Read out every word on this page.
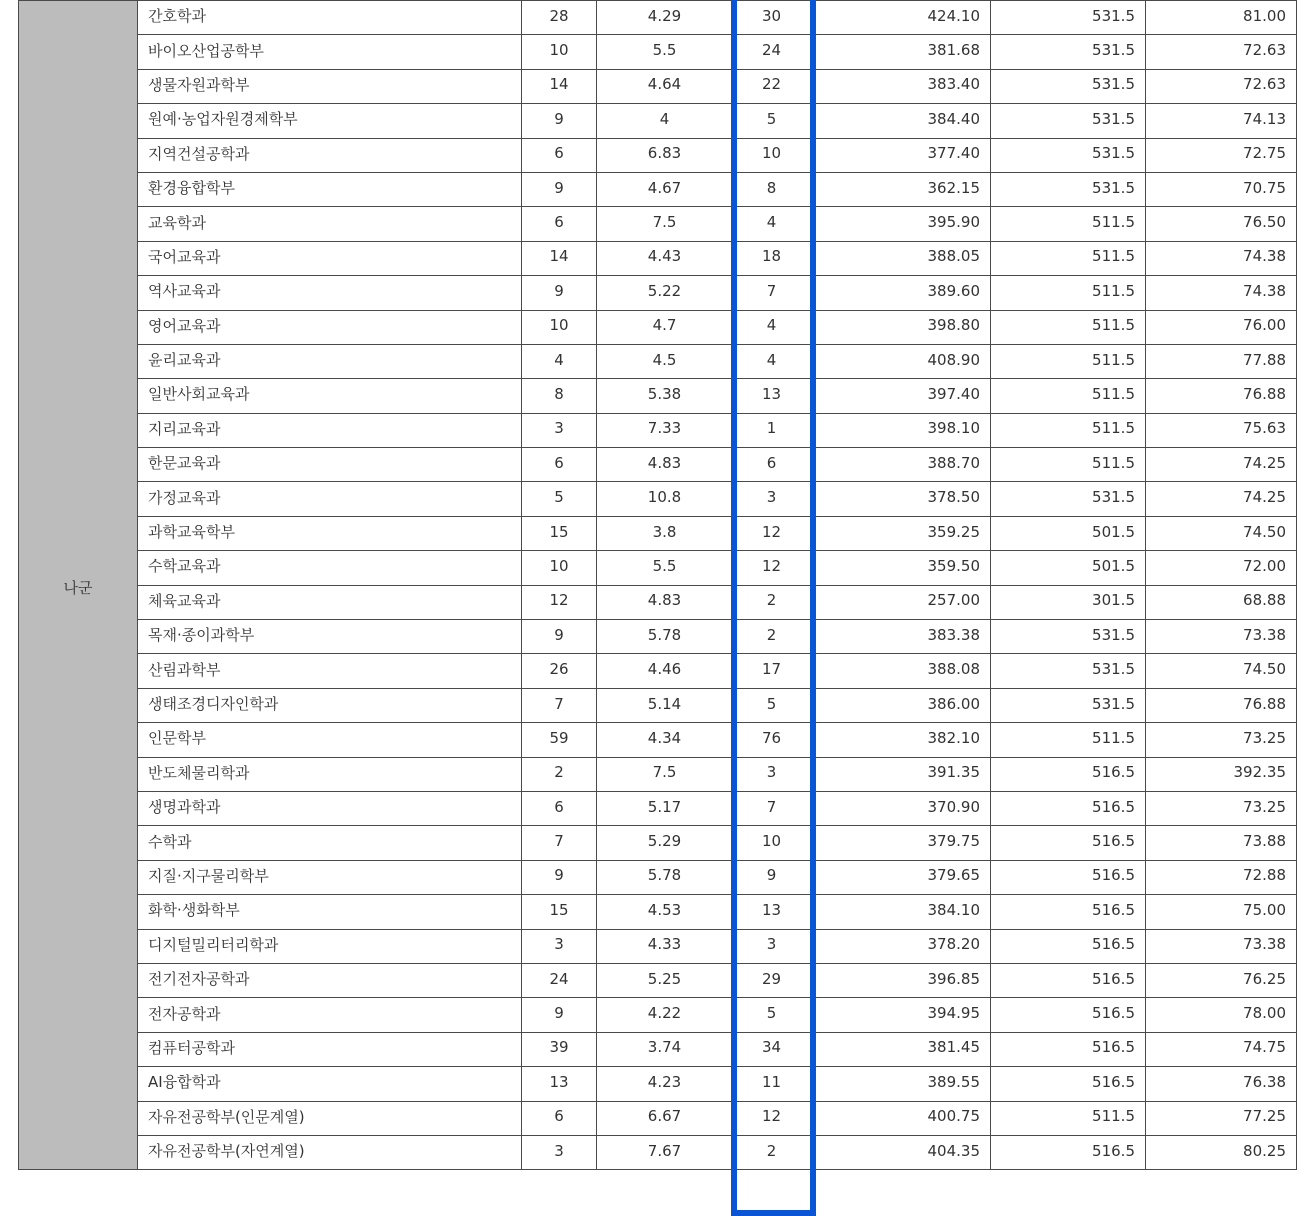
나군	간호학과	28	4.29	30	424.10	531.5	81.00
	바이오산업공학부	10	5.5	24	381.68	531.5	72.63
	생물자원과학부	14	4.64	22	383.40	531.5	72.63
	원예·농업자원경제학부	9	4	5	384.40	531.5	74.13
	지역건설공학과	6	6.83	10	377.40	531.5	72.75
	환경융합학부	9	4.67	8	362.15	531.5	70.75
	교육학과	6	7.5	4	395.90	511.5	76.50
	국어교육과	14	4.43	18	388.05	511.5	74.38
	역사교육과	9	5.22	7	389.60	511.5	74.38
	영어교육과	10	4.7	4	398.80	511.5	76.00
	윤리교육과	4	4.5	4	408.90	511.5	77.88
	일반사회교육과	8	5.38	13	397.40	511.5	76.88
	지리교육과	3	7.33	1	398.10	511.5	75.63
	한문교육과	6	4.83	6	388.70	511.5	74.25
	가정교육과	5	10.8	3	378.50	531.5	74.25
	과학교육학부	15	3.8	12	359.25	501.5	74.50
	수학교육과	10	5.5	12	359.50	501.5	72.00
	체육교육과	12	4.83	2	257.00	301.5	68.88
	목재·종이과학부	9	5.78	2	383.38	531.5	73.38
	산림과학부	26	4.46	17	388.08	531.5	74.50
	생태조경디자인학과	7	5.14	5	386.00	531.5	76.88
	인문학부	59	4.34	76	382.10	511.5	73.25
	반도체물리학과	2	7.5	3	391.35	516.5	392.35
	생명과학과	6	5.17	7	370.90	516.5	73.25
	수학과	7	5.29	10	379.75	516.5	73.88
	지질·지구물리학부	9	5.78	9	379.65	516.5	72.88
	화학·생화학부	15	4.53	13	384.10	516.5	75.00
	디지털밀리터리학과	3	4.33	3	378.20	516.5	73.38
	전기전자공학과	24	5.25	29	396.85	516.5	76.25
	전자공학과	9	4.22	5	394.95	516.5	78.00
	컴퓨터공학과	39	3.74	34	381.45	516.5	74.75
	AI융합학과	13	4.23	11	389.55	516.5	76.38
	자유전공학부(인문계열)	6	6.67	12	400.75	511.5	77.25
	자유전공학부(자연계열)	3	7.67	2	404.35	516.5	80.25
